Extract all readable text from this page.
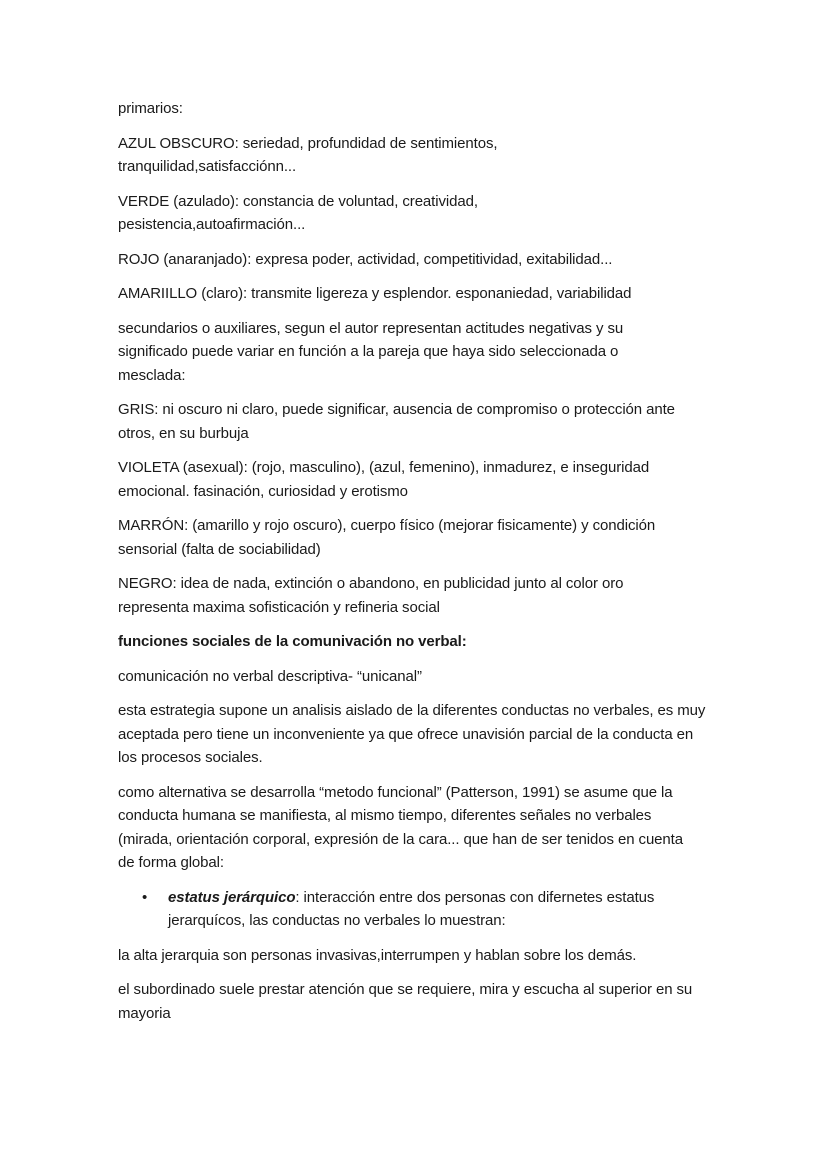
primarios:

AZUL OBSCURO: seriedad, profundidad de sentimientos, tranquilidad,satisfacciónn...

VERDE (azulado): constancia de voluntad, creatividad, pesistencia,autoafirmación...

ROJO (anaranjado): expresa poder, actividad, competitividad, exitabilidad...

AMARIILLO (claro): transmite ligereza y esplendor. esponaniedad, variabilidad

secundarios o auxiliares, segun el autor representan actitudes negativas y su significado puede variar en función a la pareja que haya sido seleccionada o mesclada:

GRIS: ni oscuro ni claro, puede significar, ausencia de compromiso o protección ante otros, en su burbuja

VIOLETA (asexual): (rojo, masculino), (azul, femenino), inmadurez, e inseguridad emocional. fasinación, curiosidad y erotismo

MARRÓN: (amarillo y rojo oscuro), cuerpo físico (mejorar fisicamente) y condición sensorial (falta de sociabilidad)

NEGRO: idea de nada, extinción o abandono, en publicidad junto al color oro representa maxima sofisticación y refineria social

funciones sociales de la comunivación no verbal:

comunicación no verbal descriptiva- “unicanal”

esta estrategia supone un analisis aislado de la diferentes conductas no verbales, es muy aceptada pero tiene un inconveniente ya que ofrece unavisión parcial de la conducta en los procesos sociales.

como alternativa se desarrolla “metodo funcional” (Patterson, 1991) se asume que la conducta humana se manifiesta, al mismo tiempo, diferentes señales no verbales (mirada, orientación corporal, expresión de la cara... que han de ser tenidos en cuenta de forma global:

• estatus jerárquico: interacción entre dos personas con difernetes estatus jerarquícos, las conductas no verbales lo muestran:

la alta jerarquia son personas invasivas,interrumpen y hablan sobre los demás.

el subordinado suele prestar atención que se requiere, mira y escucha al superior en su mayoria
